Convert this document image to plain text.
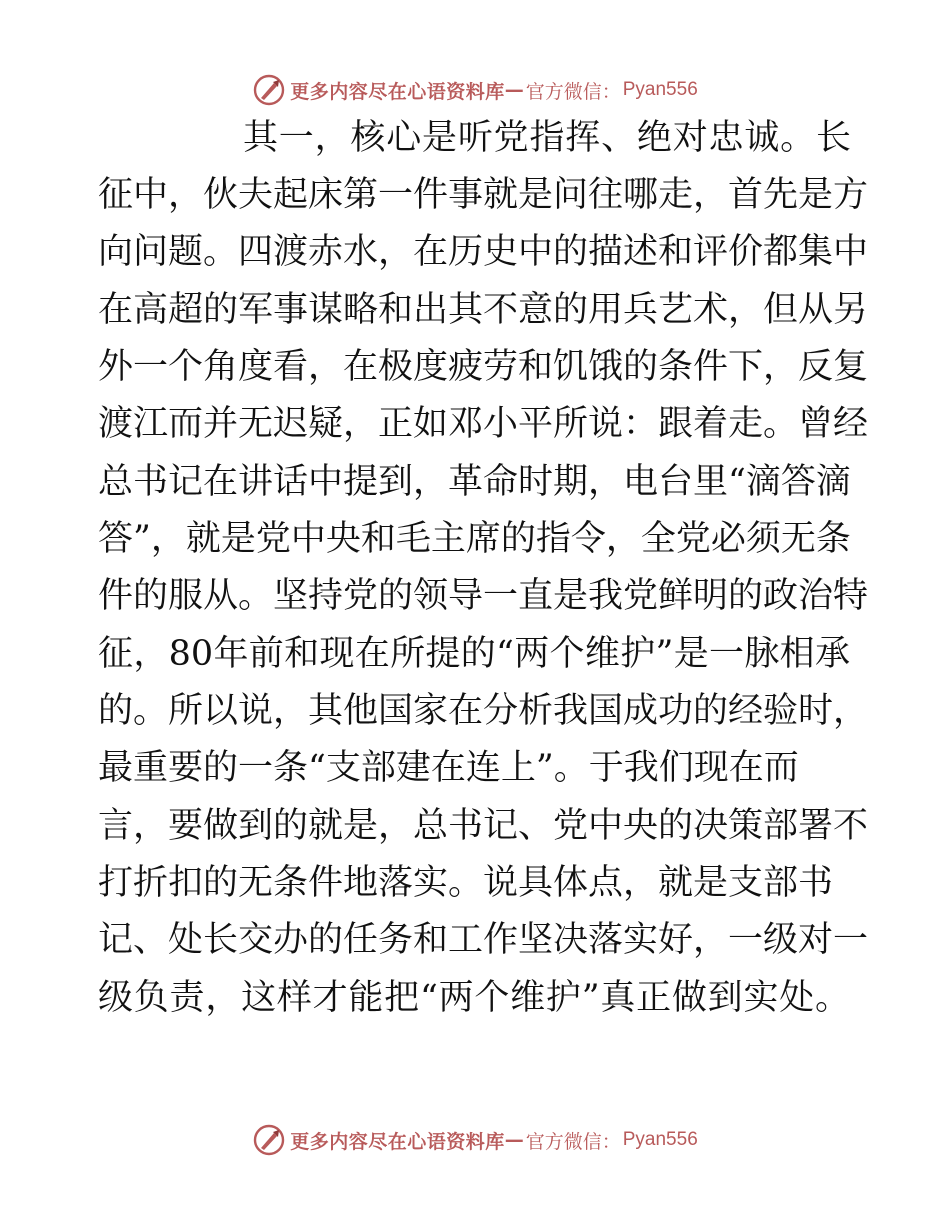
更多内容尽在心语资料库 — 官方微信： Pyan556
其一，核心是听党指挥、绝对忠诚。长
征中，伙夫起床第一件事就是问往哪走，首先是方
向问题。四渡赤水，在历史中的描述和评价都集中
在高超的军事谋略和出其不意的用兵艺术，但从另
外一个角度看，在极度疲劳和饥饿的条件下，反复
渡江而并无迟疑，正如邓小平所说：跟着走。曾经
总书记在讲话中提到，革命时期，电台里“滴答滴
答”，就是党中央和毛主席的指令，全党必须无条
件的服从。坚持党的领导一直是我党鲜明的政治特
征，80年前和现在所提的“两个维护”是一脉相承
的。所以说，其他国家在分析我国成功的经验时，
最重要的一条“支部建在连上”。于我们现在而
言，要做到的就是，总书记、党中央的决策部署不
打折扣的无条件地落实。说具体点，就是支部书
记、处长交办的任务和工作坚决落实好，一级对一
级负责，这样才能把“两个维护”真正做到实处。
更多内容尽在心语资料库 — 官方微信： Pyan556
